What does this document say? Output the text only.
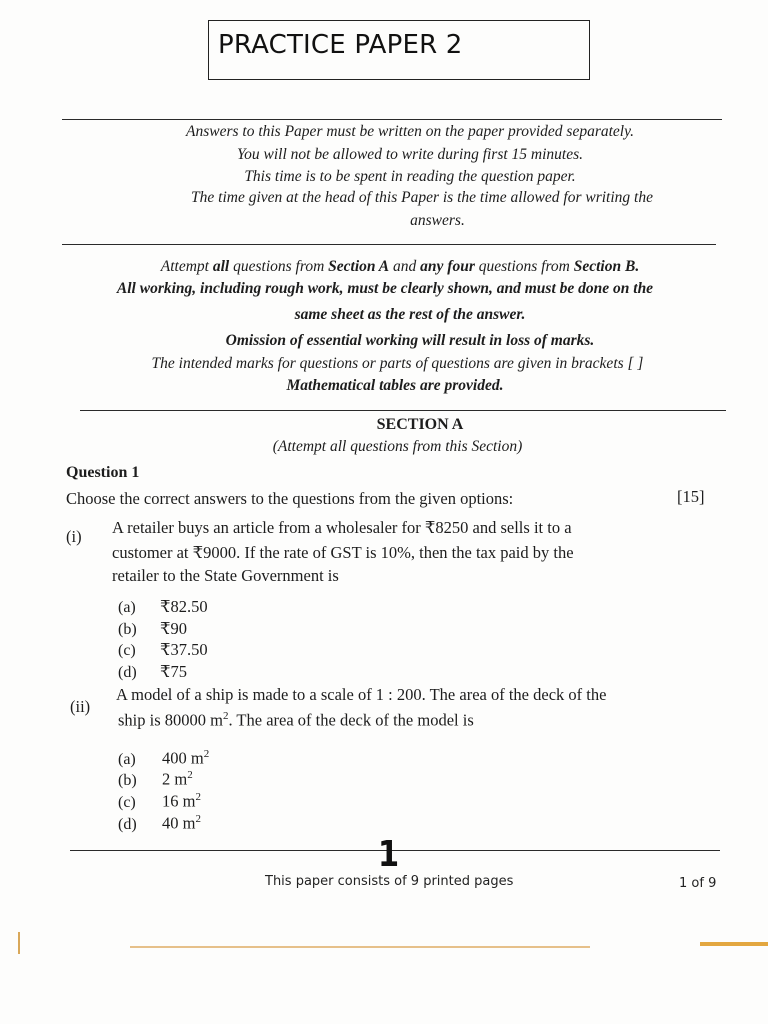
PRACTICE PAPER 2
Answers to this Paper must be written on the paper provided separately.
You will not be allowed to write during first 15 minutes.
This time is to be spent in reading the question paper.
The time given at the head of this Paper is the time allowed for writing the
answers.
Attempt all questions from Section A and any four questions from Section B.
All working, including rough work, must be clearly shown, and must be done on the
same sheet as the rest of the answer.
Omission of essential working will result in loss of marks.
The intended marks for questions or parts of questions are given in brackets [ ]
Mathematical tables are provided.
SECTION A
(Attempt all questions from this Section)
Question 1
Choose the correct answers to the questions from the given options:	[15]
(i) A retailer buys an article from a wholesaler for ₹8250 and sells it to a
customer at ₹9000. If the rate of GST is 10%, then the tax paid by the
retailer to the State Government is
(a)	₹82.50
(b)	₹90
(c)	₹37.50
(d)	₹75
(ii)
A model of a ship is made to a scale of 1 : 200. The area of the deck of the
ship is 80000 $m^2$. The area of the deck of the model is
(a)	400 $m^2$
(b)	2 $m^2$
(c)	16 $m^2$
(d)	40 $m^2$
1
This paper consists of 9 printed pages	1 of 9
